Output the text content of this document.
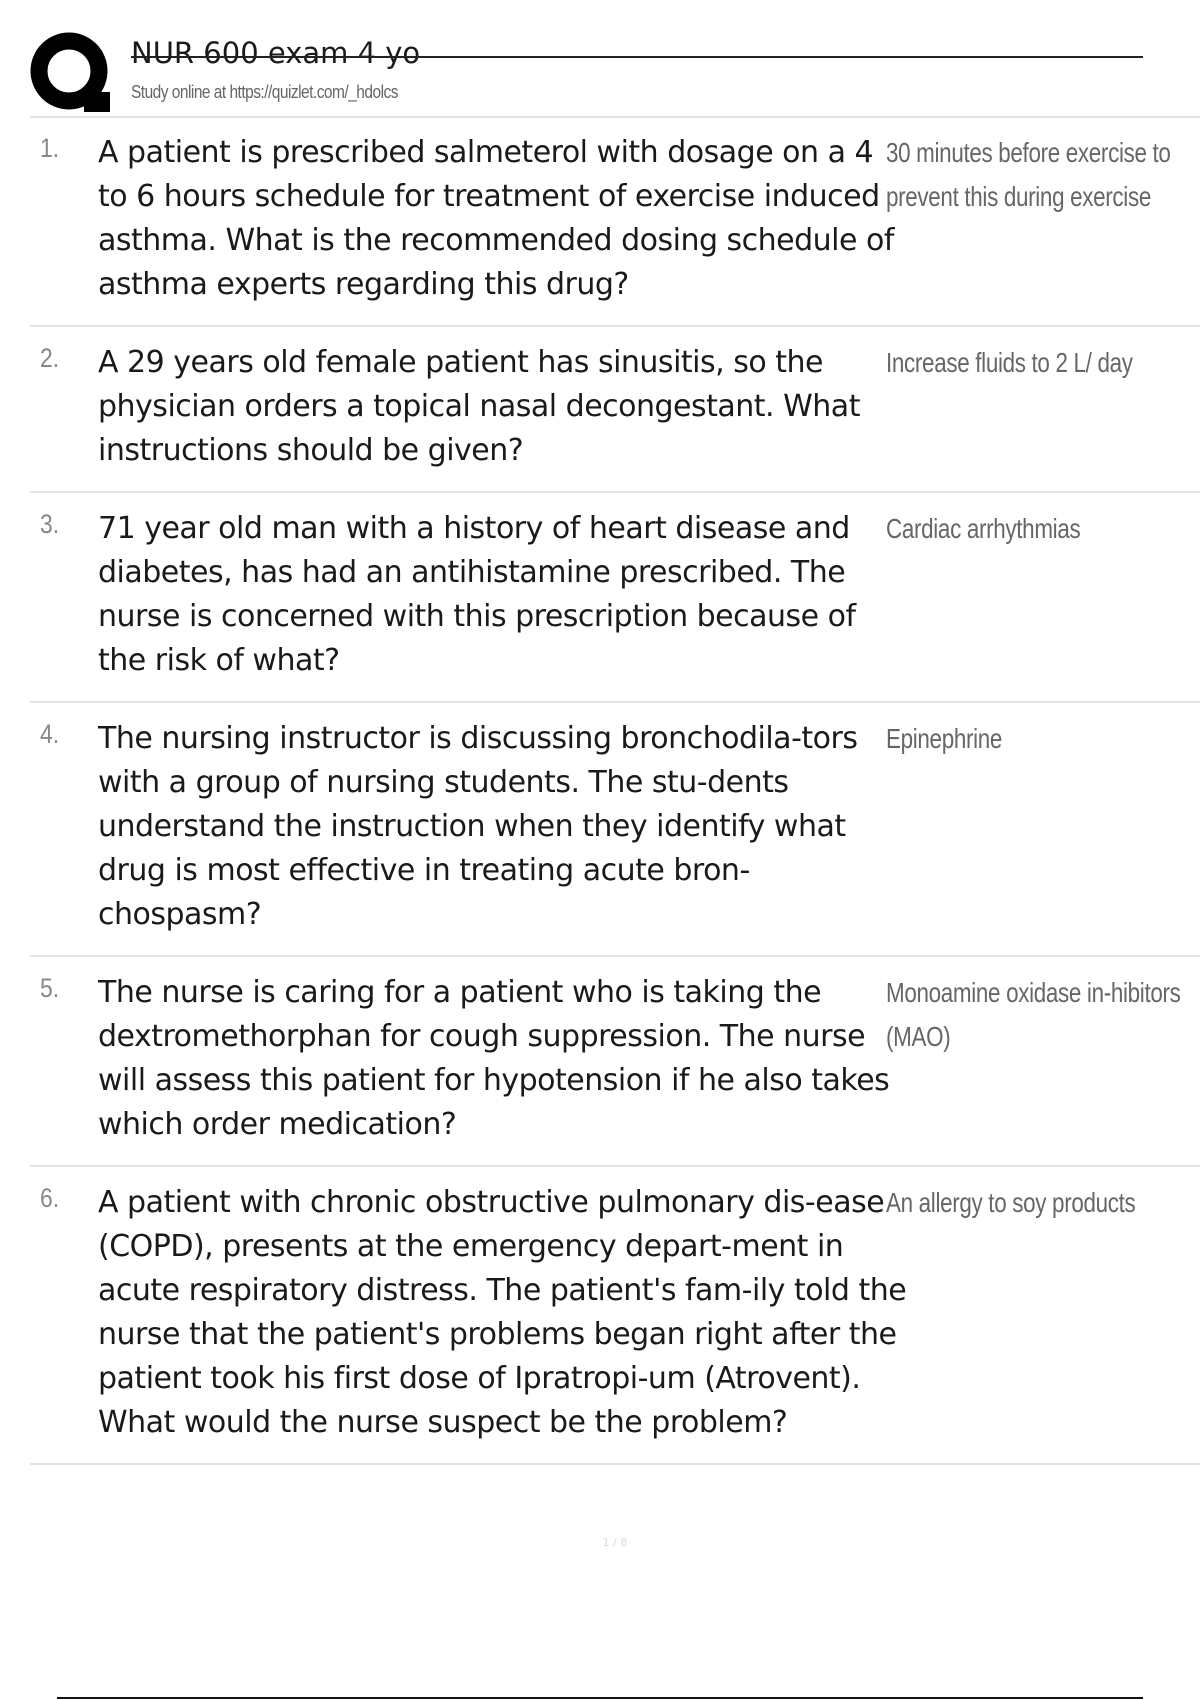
NUR 600 exam 4 yo
Study online at https://quizlet.com/_hdolcs
1. A patient is prescribed salmeterol with dosage on a 4 to 6 hours schedule for treatment of exercise induced asthma. What is the recommended dosing schedule of asthma experts regarding this drug?
30 minutes before exercise to prevent this during exercise
2. A 29 years old female patient has sinusitis, so the physician orders a topical nasal decongestant. What instructions should be given?
Increase fluids to 2 L/ day
3. 71 year old man with a history of heart disease and diabetes, has had an antihistamine prescribed. The nurse is concerned with this prescription because of the risk of what?
Cardiac arrhythmias
4. The nursing instructor is discussing bronchodila-tors with a group of nursing students. The stu-dents understand the instruction when they identify what drug is most effective in treating acute bron-chospasm?
Epinephrine
5. The nurse is caring for a patient who is taking the dextromethorphan for cough suppression. The nurse will assess this patient for hypotension if he also takes which order medication?
Monoamine oxidase in-hibitors (MAO)
6. A patient with chronic obstructive pulmonary dis-ease (COPD), presents at the emergency depart-ment in acute respiratory distress. The patient's fam-ily told the nurse that the patient's problems began right after the patient took his first dose of Ipratropi-um (Atrovent). What would the nurse suspect be the problem?
An allergy to soy products
1 / 8
